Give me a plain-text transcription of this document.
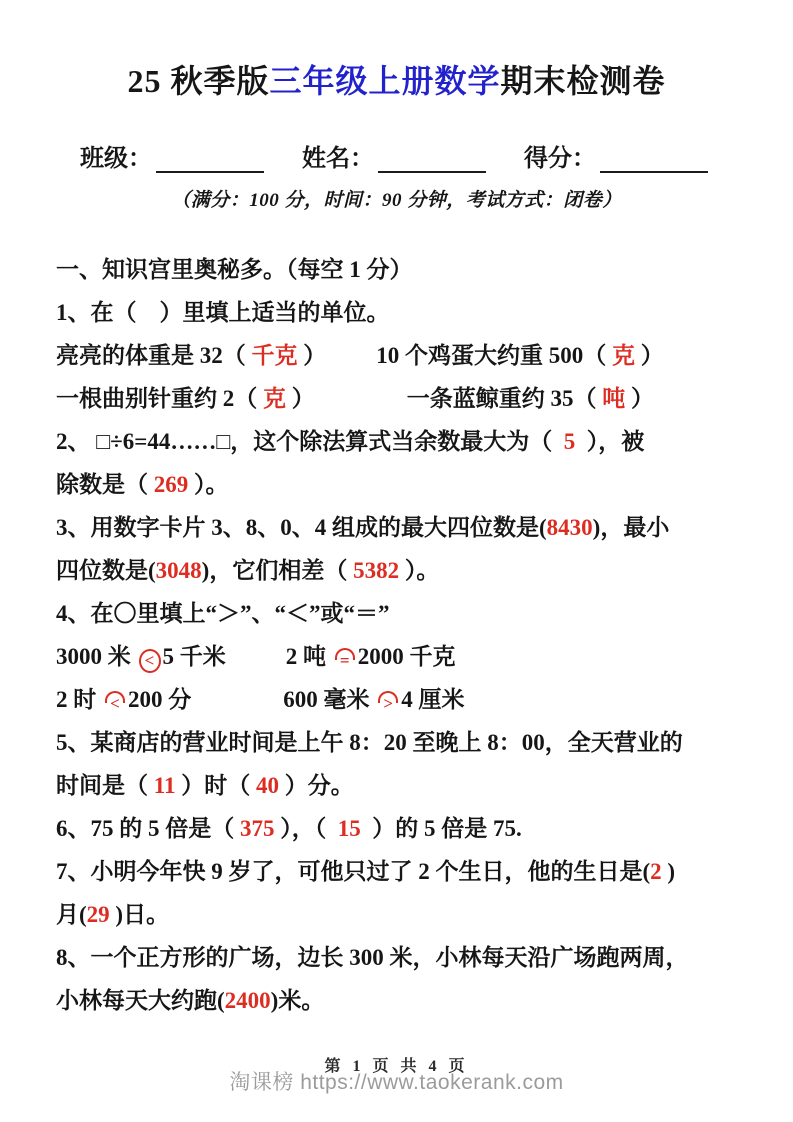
25 秋季版三年级上册数学期末检测卷
班级：	姓名：	得分：
（满分：100 分，时间：90 分钟，考试方式：闭卷）

一、知识宫里奥秘多。（每空 1 分）

1、在（　）里填上适当的单位。

亮亮的体重是 32（ 千克 ） 10 个鸡蛋大约重 500（ 克 ）

一根曲别针重约 2（ 克 ）	一条蓝鲸重约 35（ 吨 ）

2、 □÷6=44……□，这个除法算式当余数最大为（  5  ），被

除数是（ 269 ）。

3、用数字卡片 3、8、0、4 组成的最大四位数是(8430)，最小

四位数是(3048)，它们相差（ 5382 ）。

4、在〇里填上“＞”、“＜”或“＝”

3000 米 < 5 千米	2 吨 = 2000 千克

2 时 < 200 分	600 毫米 > 4 厘米

5、某商店的营业时间是上午 8：20 至晚上 8：00，全天营业的

时间是（ 11 ）时（ 40 ）分。

6、75 的 5 倍是（ 375 ），（  15  ）的 5 倍是 75.

7、小明今年快 9 岁了，可他只过了 2 个生日，他的生日是(2 )

月(29 )日。

8、一个正方形的广场，边长 300 米，小林每天沿广场跑两周，

小林每天大约跑(2400)米。

第 1 页 共 4 页
淘课榜 https://www.taokerank.com
